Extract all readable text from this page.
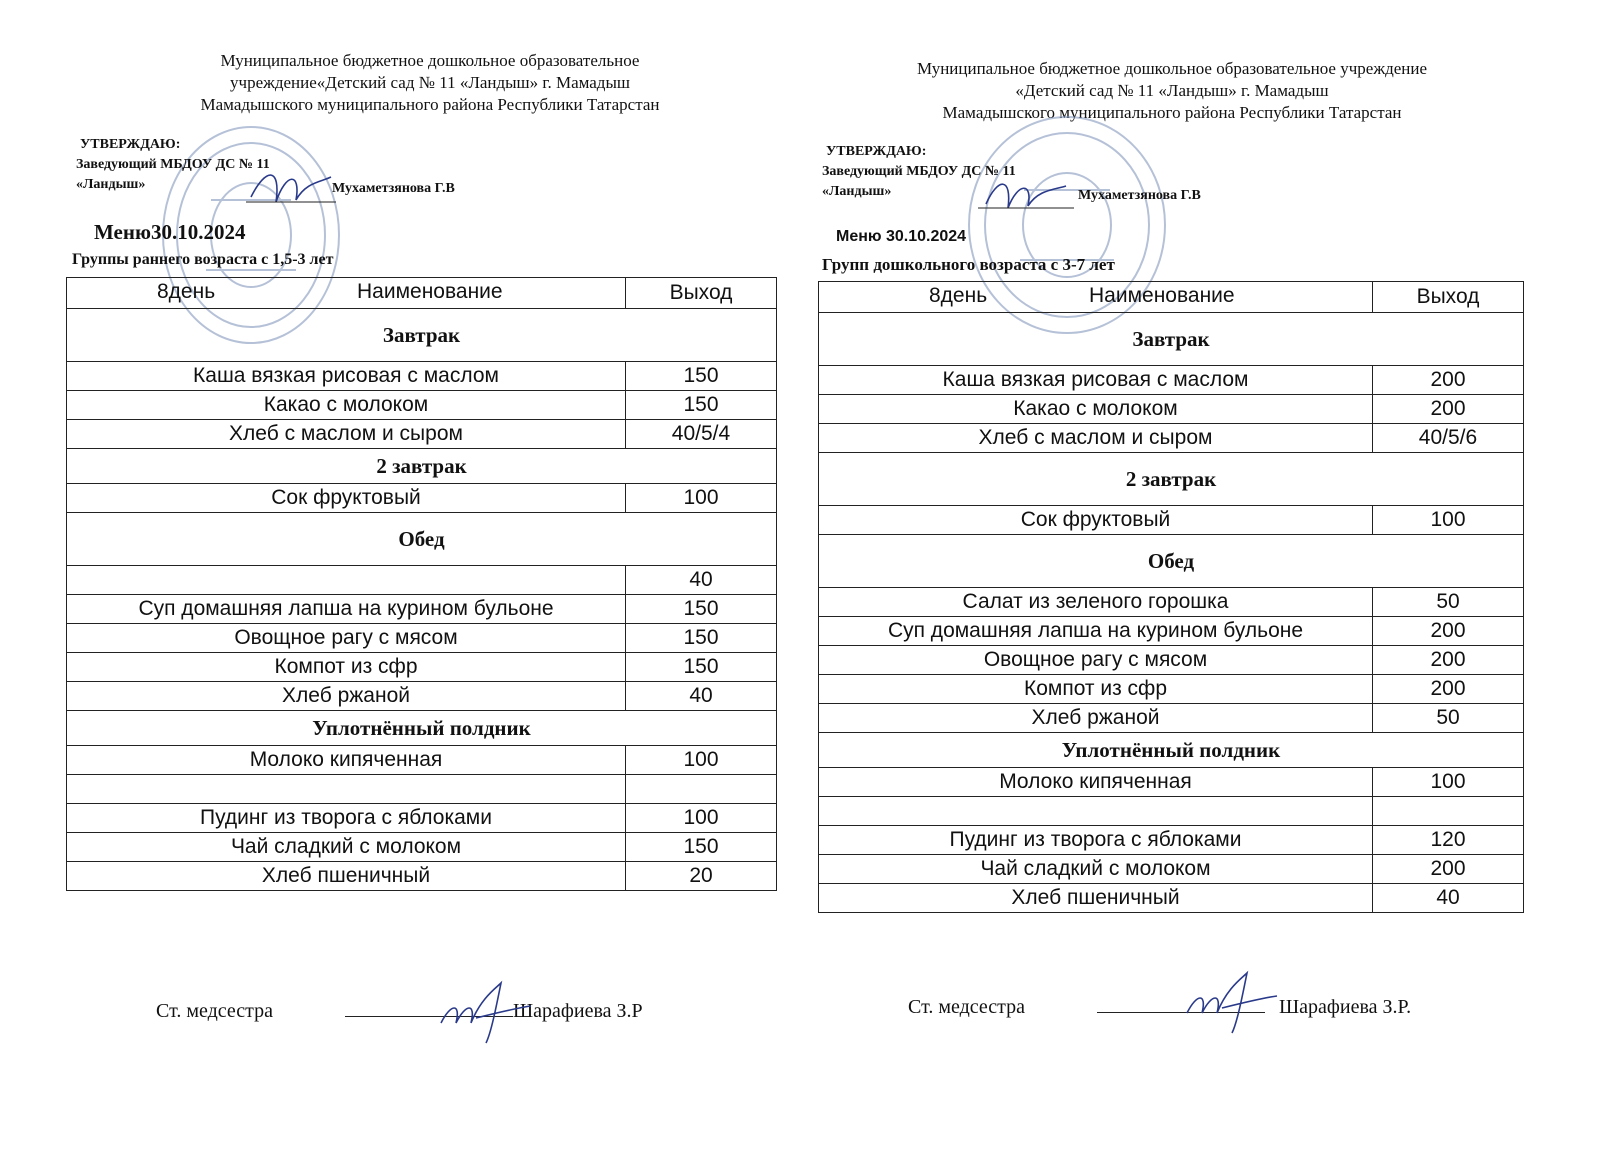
Муниципальное бюджетное дошкольное образовательное
учреждение«Детский сад № 11 «Ландыш» г. Мамадыш
Мамадышского муниципального района Республики Татарстан
УТВЕРЖДАЮ:
Заведующий МБДОУ ДС № 11
«Ландыш»	Мухаметзянова Г.В
Меню30.10.2024
Группы раннего возраста с 1,5-3 лет
8день Наименование	Выход
Завтрак	
Каша вязкая рисовая с маслом	150
Какао с молоком	150
Хлеб с маслом и сыром	40/5/4
2 завтрак	
Сок фруктовый	100
Обед	
	40
Суп домашняя лапша на курином бульоне	150
Овощное рагу с мясом	150
Компот из сфр	150
Хлеб ржаной	40
Уплотнённый полдник	
Молоко кипяченная	100

Пудинг из творога с яблоками	100
Чай сладкий с молоком	150
Хлеб пшеничный	20
Ст. медсестра	Шарафиева З.Р
Муниципальное бюджетное дошкольное образовательное учреждение
«Детский сад № 11 «Ландыш» г. Мамадыш
Мамадышского муниципального района Республики Татарстан
УТВЕРЖДАЮ:
Заведующий МБДОУ ДС № 11
«Ландыш»	Мухаметзянова Г.В
Меню 30.10.2024
Групп дошкольного возраста с 3-7 лет
8день Наименование	Выход
Завтрак	
Каша вязкая рисовая с маслом	200
Какао с молоком	200
Хлеб с маслом и сыром	40/5/6
2 завтрак	
Сок фруктовый	100
Обед	
Салат из зеленого горошка	50
Суп домашняя лапша на курином бульоне	200
Овощное рагу с мясом	200
Компот из сфр	200
Хлеб ржаной	50
Уплотнённый полдник	
Молоко кипяченная	100

Пудинг из творога с яблоками	120
Чай сладкий с молоком	200
Хлеб пшеничный	40
Ст. медсестра	Шарафиева З.Р.
